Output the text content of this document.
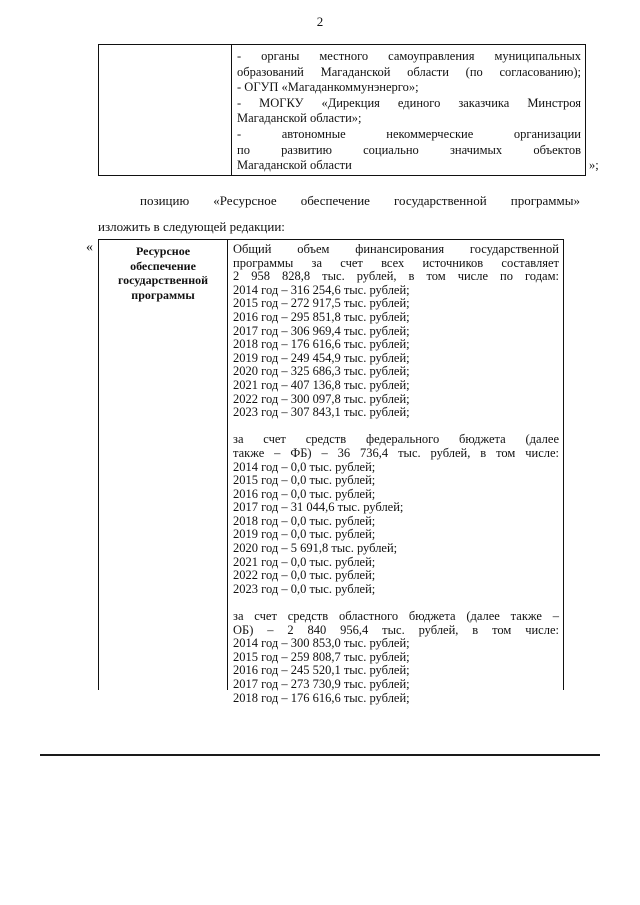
2
- органы местного самоуправления муниципальных
образований Магаданской области (по согласованию);
- ОГУП «Магаданкоммунэнерго»;
- МОГКУ «Дирекция единого заказчика Минстроя
Магаданской области»;
- автономные некоммерческие организации
по развитию социально значимых объектов
Магаданской области	»;
позицию «Ресурсное обеспечение государственной программы»
изложить в следующей редакции:
«	Ресурсное
обеспечение
государственной
программы
Общий объем финансирования государственной
программы за счет всех источников составляет
2 958 828,8 тыс. рублей, в том числе по годам:
2014 год – 316 254,6 тыс. рублей;
2015 год – 272 917,5 тыс. рублей;
2016 год – 295 851,8 тыс. рублей;
2017 год – 306 969,4 тыс. рублей;
2018 год – 176 616,6 тыс. рублей;
2019 год – 249 454,9 тыс. рублей;
2020 год – 325 686,3 тыс. рублей;
2021 год – 407 136,8 тыс. рублей;
2022 год – 300 097,8 тыс. рублей;
2023 год – 307 843,1 тыс. рублей;
за счет средств федерального бюджета (далее
также – ФБ) – 36 736,4 тыс. рублей, в том числе:
2014 год – 0,0 тыс. рублей;
2015 год – 0,0 тыс. рублей;
2016 год – 0,0 тыс. рублей;
2017 год – 31 044,6 тыс. рублей;
2018 год – 0,0 тыс. рублей;
2019 год – 0,0 тыс. рублей;
2020 год – 5 691,8 тыс. рублей;
2021 год – 0,0 тыс. рублей;
2022 год – 0,0 тыс. рублей;
2023 год – 0,0 тыс. рублей;
за счет средств областного бюджета (далее также –
ОБ) – 2 840 956,4 тыс. рублей, в том числе:
2014 год – 300 853,0 тыс. рублей;
2015 год – 259 808,7 тыс. рублей;
2016 год – 245 520,1 тыс. рублей;
2017 год – 273 730,9 тыс. рублей;
2018 год – 176 616,6 тыс. рублей;
